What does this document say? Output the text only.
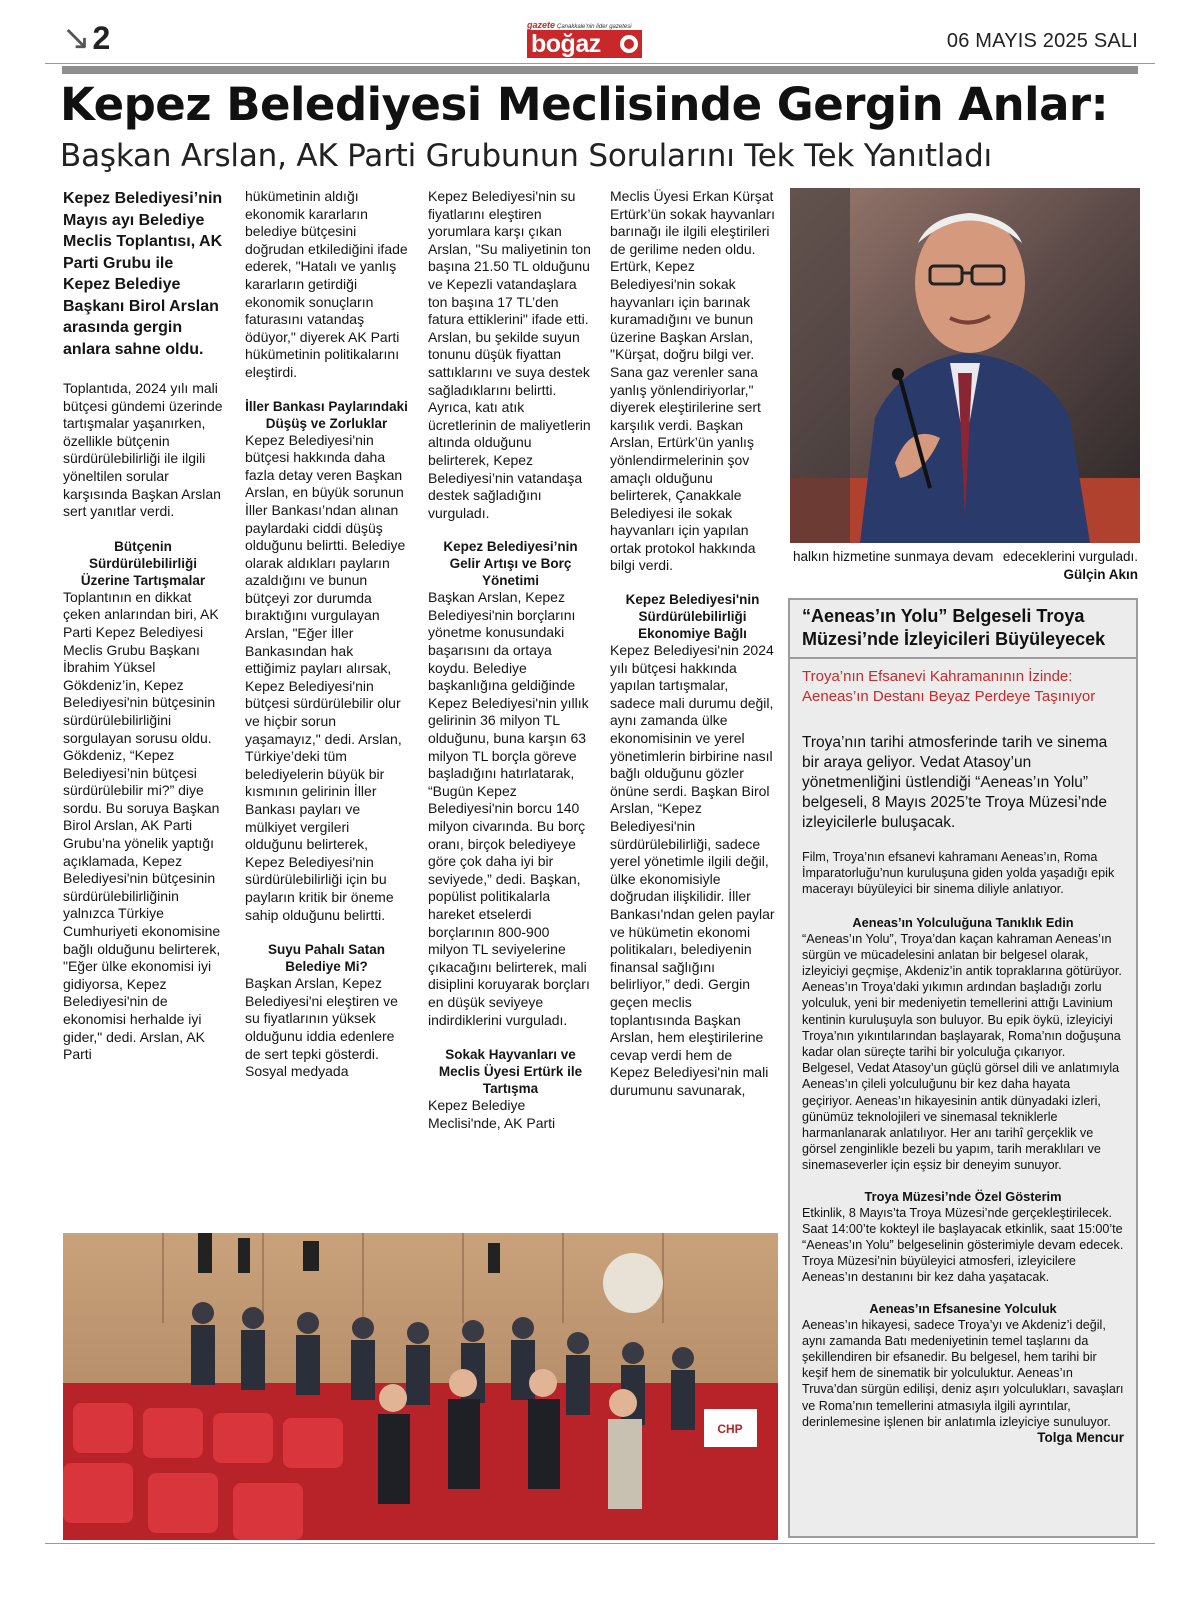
↘ 2	gazete Çanakkale'nin lider gazetesi
boğaz	06 MAYIS 2025 SALI
Kepez Belediyesi Meclisinde Gergin Anlar:
Başkan Arslan, AK Parti Grubunun Sorularını Tek Tek Yanıtladı

Kepez Belediyesi’nin Mayıs ayı Belediye Meclis Toplantısı, AK Parti Grubu ile Kepez Belediye Başkanı Birol Arslan arasında gergin anlara sahne oldu.

Toplantıda, 2024 yılı mali bütçesi gündemi üzerinde tartışmalar yaşanırken, özellikle bütçenin sürdürülebilirliği ile ilgili yöneltilen sorular karşısında Başkan Arslan sert yanıtlar verdi.

Bütçenin Sürdürülebilirliği Üzerine Tartışmalar

Toplantının en dikkat çeken anlarından biri, AK Parti Kepez Belediyesi Meclis Grubu Başkanı İbrahim Yüksel Gökdeniz’in, Kepez Belediyesi'nin bütçesinin sürdürülebilirliğini sorgulayan sorusu oldu. Gökdeniz, “Kepez Belediyesi’nin bütçesi sürdürülebilir mi?” diye sordu. Bu soruya Başkan Birol Arslan, AK Parti Grubu’na yönelik yaptığı açıklamada, Kepez Belediyesi'nin bütçesinin sürdürülebilirliğinin yalnızca Türkiye Cumhuriyeti ekonomisine bağlı olduğunu belirterek, "Eğer ülke ekonomisi iyi gidiyorsa, Kepez Belediyesi'nin de ekonomisi herhalde iyi gider," dedi. Arslan, AK Parti

hükümetinin aldığı ekonomik kararların belediye bütçesini doğrudan etkilediğini ifade ederek, "Hatalı ve yanlış kararların getirdiği ekonomik sonuçların faturasını vatandaş ödüyor," diyerek AK Parti hükümetinin politikalarını eleştirdi.

İller Bankası Paylarındaki Düşüş ve Zorluklar

Kepez Belediyesi'nin bütçesi hakkında daha fazla detay veren Başkan Arslan, en büyük sorunun İller Bankası’ndan alınan paylardaki ciddi düşüş olduğunu belirtti. Belediye olarak aldıkları payların azaldığını ve bunun bütçeyi zor durumda bıraktığını vurgulayan Arslan, "Eğer İller Bankasından hak ettiğimiz payları alırsak, Kepez Belediyesi'nin bütçesi sürdürülebilir olur ve hiçbir sorun yaşamayız," dedi. Arslan, Türkiye’deki tüm belediyelerin büyük bir kısmının gelirinin İller Bankası payları ve mülkiyet vergileri olduğunu belirterek, Kepez Belediyesi'nin sürdürülebilirliği için bu payların kritik bir öneme sahip olduğunu belirtti.

Suyu Pahalı Satan Belediye Mi?

Başkan Arslan, Kepez Belediyesi'ni eleştiren ve su fiyatlarının yüksek olduğunu iddia edenlere de sert tepki gösterdi. Sosyal medyada

Kepez Belediyesi'nin su fiyatlarını eleştiren yorumlara karşı çıkan Arslan, "Su maliyetinin ton başına 21.50 TL olduğunu ve Kepezli vatandaşlara ton başına 17 TL’den fatura ettiklerini" ifade etti. Arslan, bu şekilde suyun tonunu düşük fiyattan sattıklarını ve suya destek sağladıklarını belirtti. Ayrıca, katı atık ücretlerinin de maliyetlerin altında olduğunu belirterek, Kepez Belediyesi’nin vatandaşa destek sağladığını vurguladı.

Kepez Belediyesi’nin Gelir Artışı ve Borç Yönetimi

Başkan Arslan, Kepez Belediyesi'nin borçlarını yönetme konusundaki başarısını da ortaya koydu. Belediye başkanlığına geldiğinde Kepez Belediyesi'nin yıllık gelirinin 36 milyon TL olduğunu, buna karşın 63 milyon TL borçla göreve başladığını hatırlatarak, “Bugün Kepez Belediyesi'nin borcu 140 milyon civarında. Bu borç oranı, birçok belediyeye göre çok daha iyi bir seviyede,” dedi. Başkan, popülist politikalarla hareket etselerdi borçlarının 800-900 milyon TL seviyelerine çıkacağını belirterek, mali disiplini koruyarak borçları en düşük seviyeye indirdiklerini vurguladı.

Sokak Hayvanları ve Meclis Üyesi Ertürk ile Tartışma

Kepez Belediye Meclisi'nde, AK Parti

Meclis Üyesi Erkan Kürşat Ertürk’ün sokak hayvanları barınağı ile ilgili eleştirileri de gerilime neden oldu. Ertürk, Kepez Belediyesi'nin sokak hayvanları için barınak kuramadığını ve bunun üzerine Başkan Arslan, "Kürşat, doğru bilgi ver. Sana gaz verenler sana yanlış yönlendiriyorlar," diyerek eleştirilerine sert karşılık verdi. Başkan Arslan, Ertürk’ün yanlış yönlendirmelerinin şov amaçlı olduğunu belirterek, Çanakkale Belediyesi ile sokak hayvanları için yapılan ortak protokol hakkında bilgi verdi.

Kepez Belediyesi'nin Sürdürülebilirliği Ekonomiye Bağlı

Kepez Belediyesi'nin 2024 yılı bütçesi hakkında yapılan tartışmalar, sadece mali durumu değil, aynı zamanda ülke ekonomisinin ve yerel yönetimlerin birbirine nasıl bağlı olduğunu gözler önüne serdi. Başkan Birol Arslan, “Kepez Belediyesi'nin sürdürülebilirliği, sadece yerel yönetimle ilgili değil, ülke ekonomisiyle doğrudan ilişkilidir. İller Bankası'ndan gelen paylar ve hükümetin ekonomi politikaları, belediyenin finansal sağlığını belirliyor,” dedi. Gergin geçen meclis toplantısında Başkan Arslan, hem eleştirilerine cevap verdi hem de Kepez Belediyesi'nin mali durumunu savunarak,

halkın hizmetine sunmaya devam edeceklerini vurguladı.
Gülçin Akın
CHP
“Aeneas’ın Yolu” Belgeseli Troya Müzesi’nde İzleyicileri Büyüleyecek
Troya’nın Efsanevi Kahramanının İzinde: Aeneas’ın Destanı Beyaz Perdeye Taşınıyor
Troya’nın tarihi atmosferinde tarih ve sinema bir araya geliyor. Vedat Atasoy’un yönetmenliğini üstlendiği “Aeneas’ın Yolu” belgeseli, 8 Mayıs 2025’te Troya Müzesi’nde izleyicilerle buluşacak.

Film, Troya’nın efsanevi kahramanı Aeneas’ın, Roma İmparatorluğu’nun kuruluşuna giden yolda yaşadığı epik macerayı büyüleyici bir sinema diliyle anlatıyor.

Aeneas’ın Yolculuğuna Tanıklık Edin

“Aeneas’ın Yolu”, Troya’dan kaçan kahraman Aeneas’ın sürgün ve mücadelesini anlatan bir belgesel olarak, izleyiciyi geçmişe, Akdeniz’in antik topraklarına götürüyor. Aeneas’ın Troya’daki yıkımın ardından başladığı zorlu yolculuk, yeni bir medeniyetin temellerini attığı Lavinium kentinin kuruluşuyla son buluyor. Bu epik öykü, izleyiciyi Troya’nın yıkıntılarından başlayarak, Roma’nın doğuşuna kadar olan süreçte tarihi bir yolculuğa çıkarıyor.

Belgesel, Vedat Atasoy’un güçlü görsel dili ve anlatımıyla Aeneas’ın çileli yolculuğunu bir kez daha hayata geçiriyor. Aeneas’ın hikayesinin antik dünyadaki izleri, günümüz teknolojileri ve sinemasal tekniklerle harmanlanarak anlatılıyor. Her anı tarihî gerçeklik ve görsel zenginlikle bezeli bu yapım, tarih meraklıları ve sinemaseverler için eşsiz bir deneyim sunuyor.

Troya Müzesi’nde Özel Gösterim

Etkinlik, 8 Mayıs’ta Troya Müzesi’nde gerçekleştirilecek. Saat 14:00’te kokteyl ile başlayacak etkinlik, saat 15:00’te “Aeneas’ın Yolu” belgeselinin gösterimiyle devam edecek. Troya Müzesi’nin büyüleyici atmosferi, izleyicilere Aeneas’ın destanını bir kez daha yaşatacak.

Aeneas’ın Efsanesine Yolculuk

Aeneas’ın hikayesi, sadece Troya’yı ve Akdeniz’i değil, aynı zamanda Batı medeniyetinin temel taşlarını da şekillendiren bir efsanedir. Bu belgesel, hem tarihi bir keşif hem de sinematik bir yolculuktur. Aeneas’ın Truva’dan sürgün edilişi, deniz aşırı yolculukları, savaşları ve Roma’nın temellerini atmasıyla ilgili ayrıntılar, derinlemesine işlenen bir anlatımla izleyiciye sunuluyor.

Tolga Mencur
